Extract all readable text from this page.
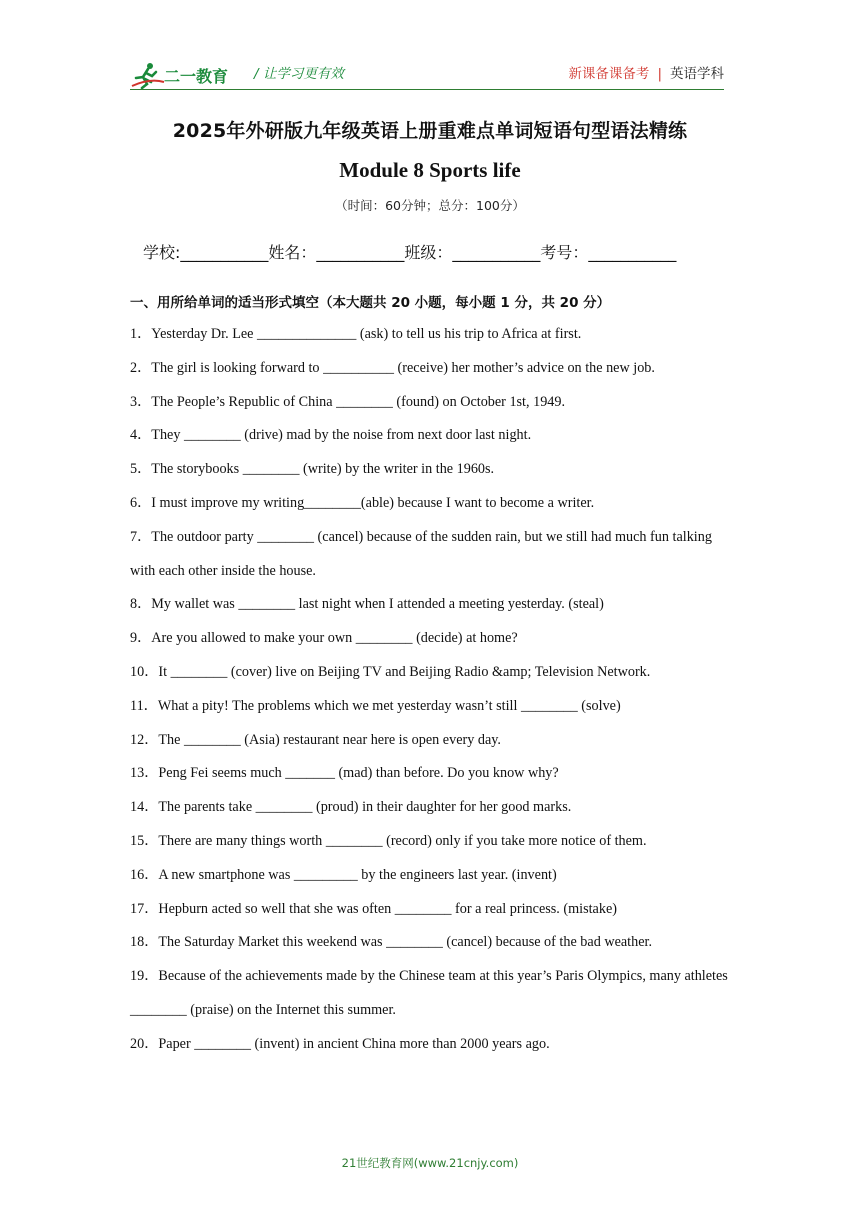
二一教育 / 让学习更有效	新课备课备考 | 英语学科
2025年外研版九年级英语上册重难点单词短语句型语法精练
Module 8 Sports life
（时间：60分钟；总分：100分）
学校:___________姓名：___________班级：___________考号：___________
一、用所给单词的适当形式填空（本大题共 20 小题，每小题 1 分，共 20 分）
1．Yesterday Dr. Lee ______________ (ask) to tell us his trip to Africa at first.
2．The girl is looking forward to __________ (receive) her mother’s advice on the new job.
3．The People’s Republic of China ________ (found) on October 1st, 1949.
4．They ________ (drive) mad by the noise from next door last night.
5．The storybooks ________ (write) by the writer in the 1960s.
6．I must improve my writing________(able) because I want to become a writer.
7．The outdoor party ________ (cancel) because of the sudden rain, but we still had much fun talking with each other inside the house.
8．My wallet was ________ last night when I attended a meeting yesterday. (steal)
9．Are you allowed to make your own ________ (decide) at home?
10．It ________ (cover) live on Beijing TV and Beijing Radio &amp; Television Network.
11．What a pity! The problems which we met yesterday wasn’t still ________ (solve)
12．The ________ (Asia) restaurant near here is open every day.
13．Peng Fei seems much _______ (mad) than before. Do you know why?
14．The parents take ________ (proud) in their daughter for her good marks.
15．There are many things worth ________ (record) only if you take more notice of them.
16．A new smartphone was _________ by the engineers last year. (invent)
17．Hepburn acted so well that she was often ________ for a real princess. (mistake)
18．The Saturday Market this weekend was ________ (cancel) because of the bad weather.
19．Because of the achievements made by the Chinese team at this year’s Paris Olympics, many athletes ________ (praise) on the Internet this summer.
20．Paper ________ (invent) in ancient China more than 2000 years ago.
21世纪教育网(www.21cnjy.com)
